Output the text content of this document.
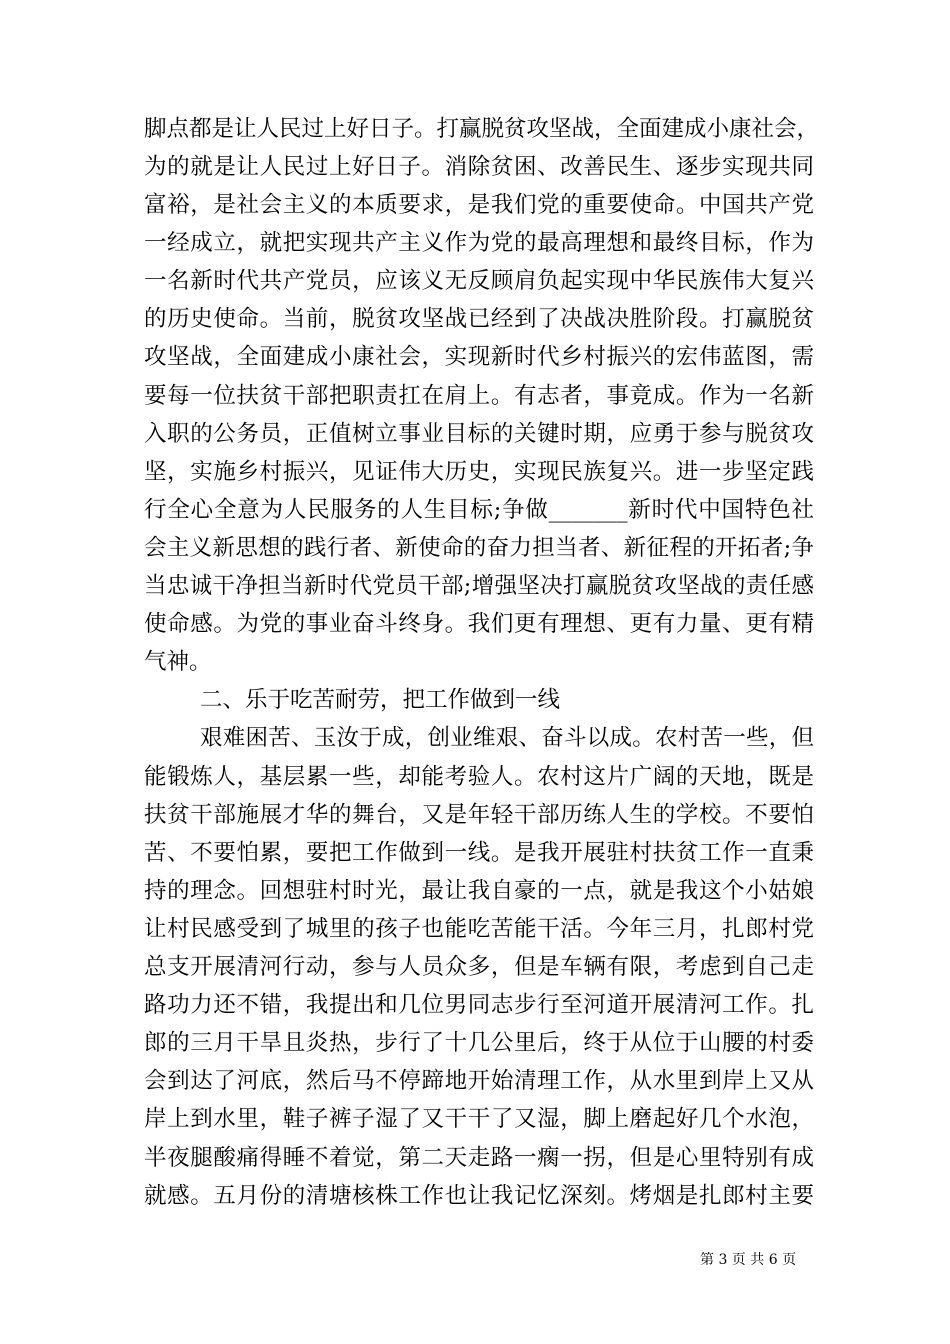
脚点都是让人民过上好日子。打赢脱贫攻坚战，全面建成小康社会，
为的就是让人民过上好日子。消除贫困、改善民生、逐步实现共同
富裕，是社会主义的本质要求，是我们党的重要使命。中国共产党
一经成立，就把实现共产主义作为党的最高理想和最终目标，作为
一名新时代共产党员，应该义无反顾肩负起实现中华民族伟大复兴
的历史使命。当前，脱贫攻坚战已经到了决战决胜阶段。打赢脱贫
攻坚战，全面建成小康社会，实现新时代乡村振兴的宏伟蓝图，需
要每一位扶贫干部把职责扛在肩上。有志者，事竟成。作为一名新
入职的公务员，正值树立事业目标的关键时期，应勇于参与脱贫攻
坚，实施乡村振兴，见证伟大历史，实现民族复兴。进一步坚定践
行全心全意为人民服务的人生目标;争做_______新时代中国特色社
会主义新思想的践行者、新使命的奋力担当者、新征程的开拓者;争
当忠诚干净担当新时代党员干部;增强坚决打赢脱贫攻坚战的责任感
使命感。为党的事业奋斗终身。我们更有理想、更有力量、更有精
气神。
二、乐于吃苦耐劳，把工作做到一线
艰难困苦、玉汝于成，创业维艰、奋斗以成。农村苦一些，但
能锻炼人，基层累一些，却能考验人。农村这片广阔的天地，既是
扶贫干部施展才华的舞台，又是年轻干部历练人生的学校。不要怕
苦、不要怕累，要把工作做到一线。是我开展驻村扶贫工作一直秉
持的理念。回想驻村时光，最让我自豪的一点，就是我这个小姑娘
让村民感受到了城里的孩子也能吃苦能干活。今年三月，扎郎村党
总支开展清河行动，参与人员众多，但是车辆有限，考虑到自己走
路功力还不错，我提出和几位男同志步行至河道开展清河工作。扎
郎的三月干旱且炎热，步行了十几公里后，终于从位于山腰的村委
会到达了河底，然后马不停蹄地开始清理工作，从水里到岸上又从
岸上到水里，鞋子裤子湿了又干干了又湿，脚上磨起好几个水泡，
半夜腿酸痛得睡不着觉，第二天走路一瘸一拐，但是心里特别有成
就感。五月份的清塘核株工作也让我记忆深刻。烤烟是扎郎村主要
第 3 页 共 6 页
